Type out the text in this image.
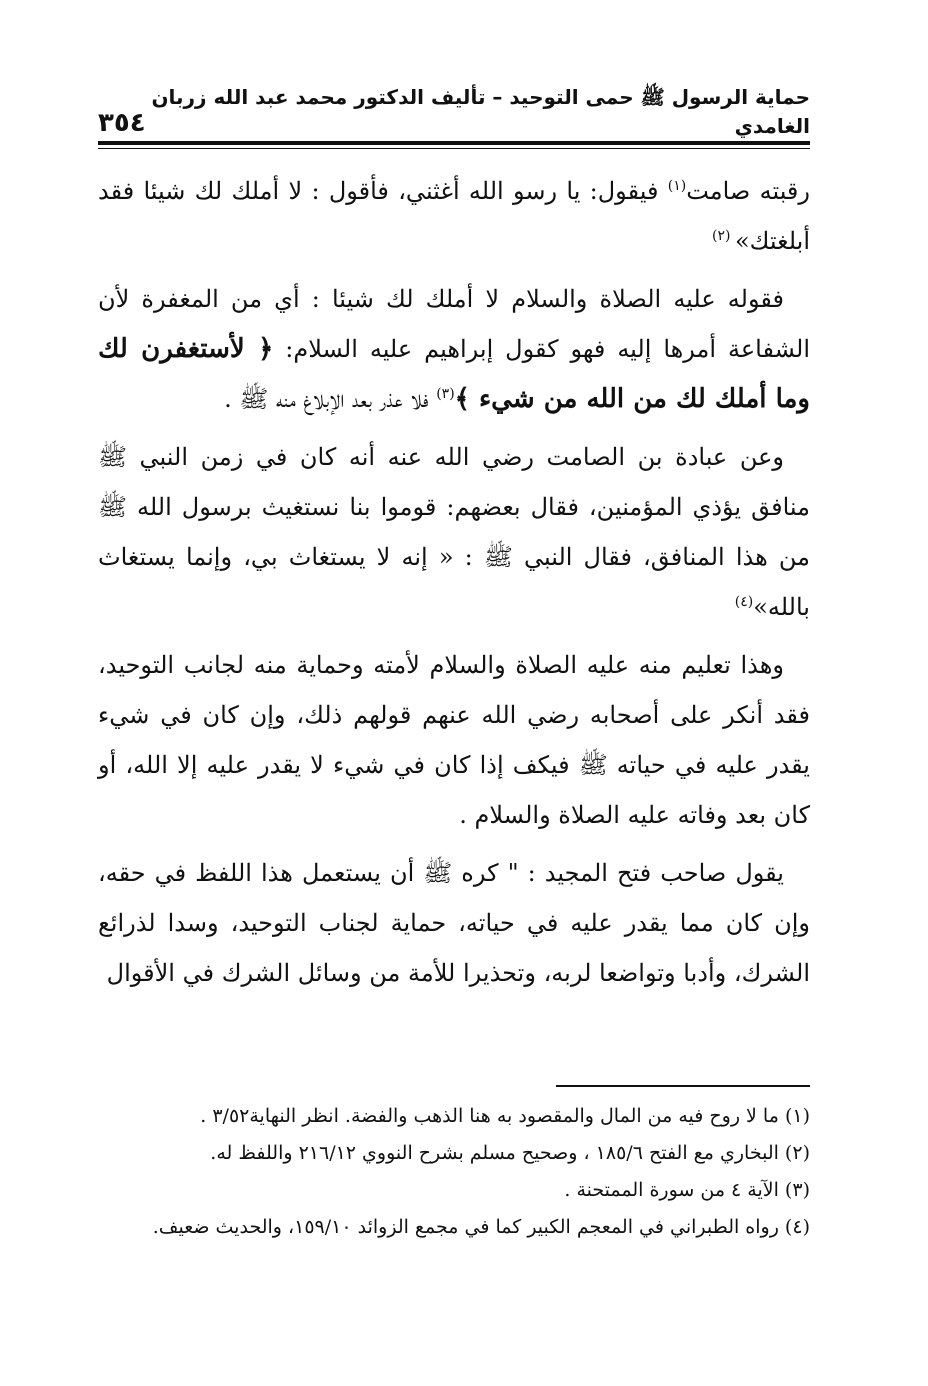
حماية الرسول ﷺ حمى التوحيد – تأليف الدكتور محمد عبد الله زربان الغامدي
٣٥٤

رقبته صامت$^{(١)}$ فيقول: يا رسو الله أغثني، فأقول : لا أملك لك شيئا فقد أبلغتك» $^{(٢)}$

فقوله عليه الصلاة والسلام لا أملك لك شيئا : أي من المغفرة لأن الشفاعة أمرها إليه فهو كقول إبراهيم عليه السلام: ﴿ لأستغفرن لك وما أملك لك من الله من شيء ﴾$^{(٣)}$ فلا عذر بعد الإبلاغ منه ﷺ .

وعن عبادة بن الصامت رضي الله عنه أنه كان في زمن النبي ﷺ منافق يؤذي المؤمنين، فقال بعضهم: قوموا بنا نستغيث برسول الله ﷺ من هذا المنافق، فقال النبي ﷺ : « إنه لا يستغاث بي، وإنما يستغاث بالله»$^{(٤)}$

وهذا تعليم منه عليه الصلاة والسلام لأمته وحماية منه لجانب التوحيد، فقد أنكر على أصحابه رضي الله عنهم قولهم ذلك، وإن كان في شيء يقدر عليه في حياته ﷺ فيكف إذا كان في شيء لا يقدر عليه إلا الله، أو كان بعد وفاته عليه الصلاة والسلام .

يقول صاحب فتح المجيد : " كره ﷺ أن يستعمل هذا اللفظ في حقه، وإن كان مما يقدر عليه في حياته، حماية لجناب التوحيد، وسدا لذرائع الشرك، وأدبا وتواضعا لربه، وتحذيرا للأمة من وسائل الشرك في الأقوال

(١) ما لا روح فيه من المال والمقصود به هنا الذهب والفضة. انظر النهاية٣/٥٢ .
(٢) البخاري مع الفتح ١٨٥/٦ ، وصحيح مسلم بشرح النووي ٢١٦/١٢ واللفظ له.
(٣) الآية ٤ من سورة الممتحنة .
(٤) رواه الطبراني في المعجم الكبير كما في مجمع الزوائد ١٥٩/١٠، والحديث ضعيف.
